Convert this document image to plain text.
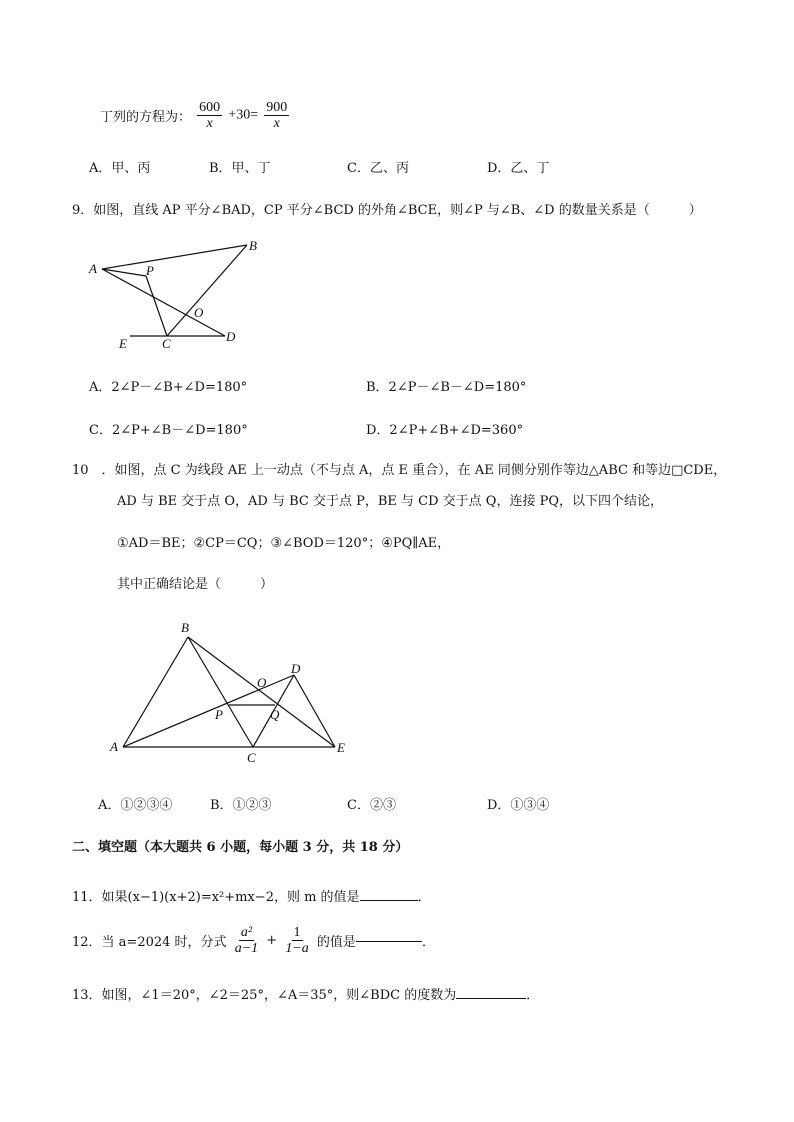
丁列的方程为： $\frac{600}{x} +30= \frac{900}{x}$
A．甲、丙	B．甲、丁	C．乙、丙	D．乙、丁
9．如图，直线 AP 平分∠BAD，CP 平分∠BCD 的外角∠BCE，则∠P 与∠B、∠D 的数量关系是（　　　）
A	P
B
O
E	C	D
A．2∠P－∠B+∠D=180°	B．2∠P－∠B－∠D=180°
C．2∠P+∠B－∠D=180°	D．2∠P+∠B+∠D=360°
10　．如图，点 C 为线段 AE 上一动点（不与点 A，点 E 重合），在 AE 同侧分别作等边△ABC 和等边□CDE，
AD 与 BE 交于点 O，AD 与 BC 交于点 P，BE 与 CD 交于点 Q，连接 PQ，以下四个结论，
①AD＝BE；②CP＝CQ；③∠BOD＝120°；④PQ∥AE，
其中正确结论是（　　　）
B
D
O
P	Q
A
C
E
A．①②③④	B．①②③	C．②③	D．①③④
二、填空题（本大题共 6 小题，每小题 3 分，共 18 分）
11．如果(x−1)(x+2)=x²+mx−2，则 m 的值是	．
12．当 a=2024 时，分式 $\frac{\text{a²}}{a-1} + \frac{1}{1-a}$ 的值是	．
13．如图，∠1＝20°，∠2＝25°，∠A＝35°，则∠BDC 的度数为	．
